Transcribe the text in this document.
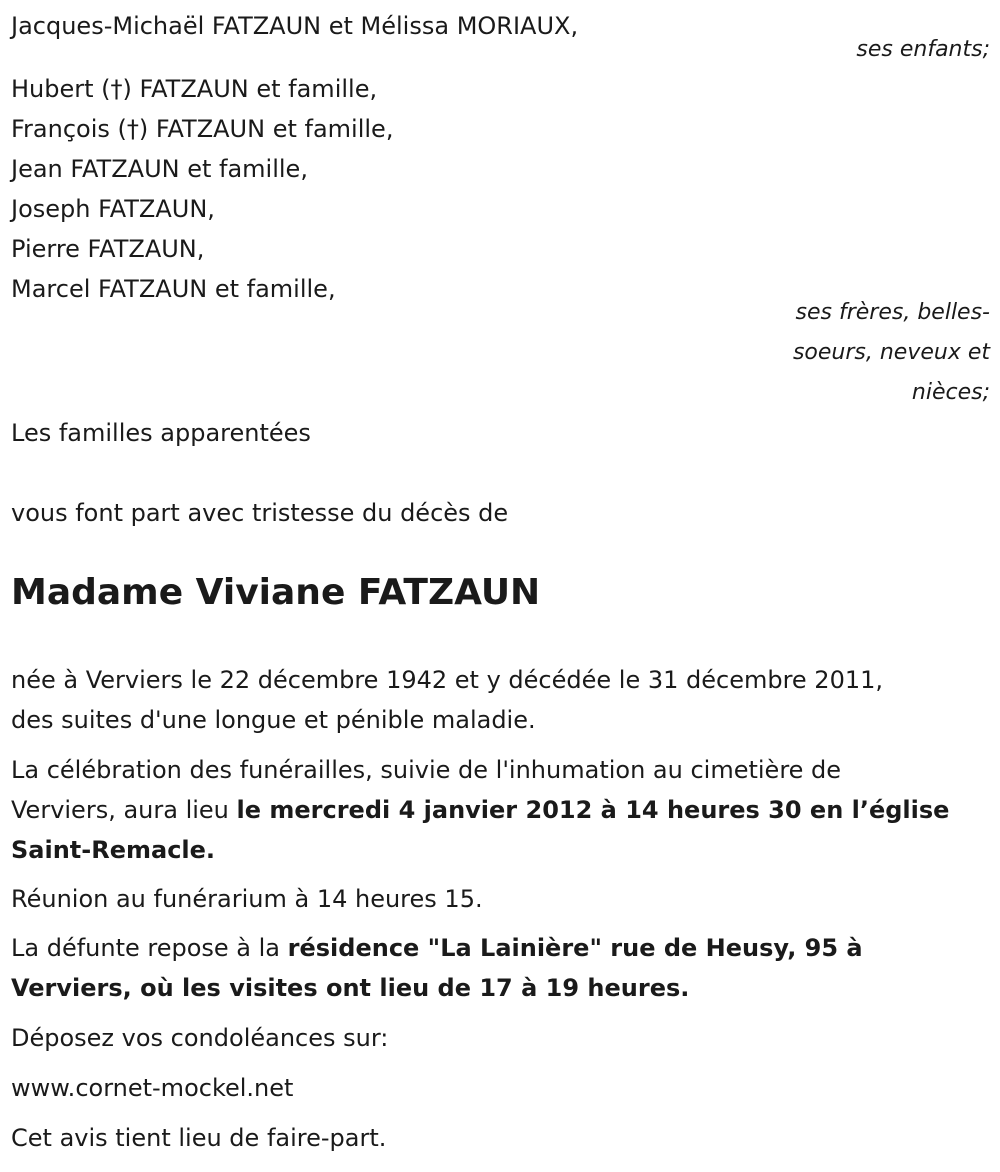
Jacques-Michaël FATZAUN et Mélissa MORIAUX,
ses enfants;
Hubert (†) FATZAUN et famille,
François (†) FATZAUN et famille,
Jean FATZAUN et famille,
Joseph FATZAUN,
Pierre FATZAUN,
Marcel FATZAUN et famille,
ses frères, belles-
soeurs, neveux et
nièces;
Les familles apparentées
vous font part avec tristesse du décès de
Madame Viviane FATZAUN
née à Verviers le 22 décembre 1942 et y décédée le 31 décembre 2011,
des suites d'une longue et pénible maladie.
La célébration des funérailles, suivie de l'inhumation au cimetière de
Verviers, aura lieu le mercredi 4 janvier 2012 à 14 heures 30 en l’église
Saint-Remacle.
Réunion au funérarium à 14 heures 15.
La défunte repose à la résidence "La Lainière" rue de Heusy, 95 à
Verviers, où les visites ont lieu de 17 à 19 heures.
Déposez vos condoléances sur:
www.cornet-mockel.net
Cet avis tient lieu de faire-part.
